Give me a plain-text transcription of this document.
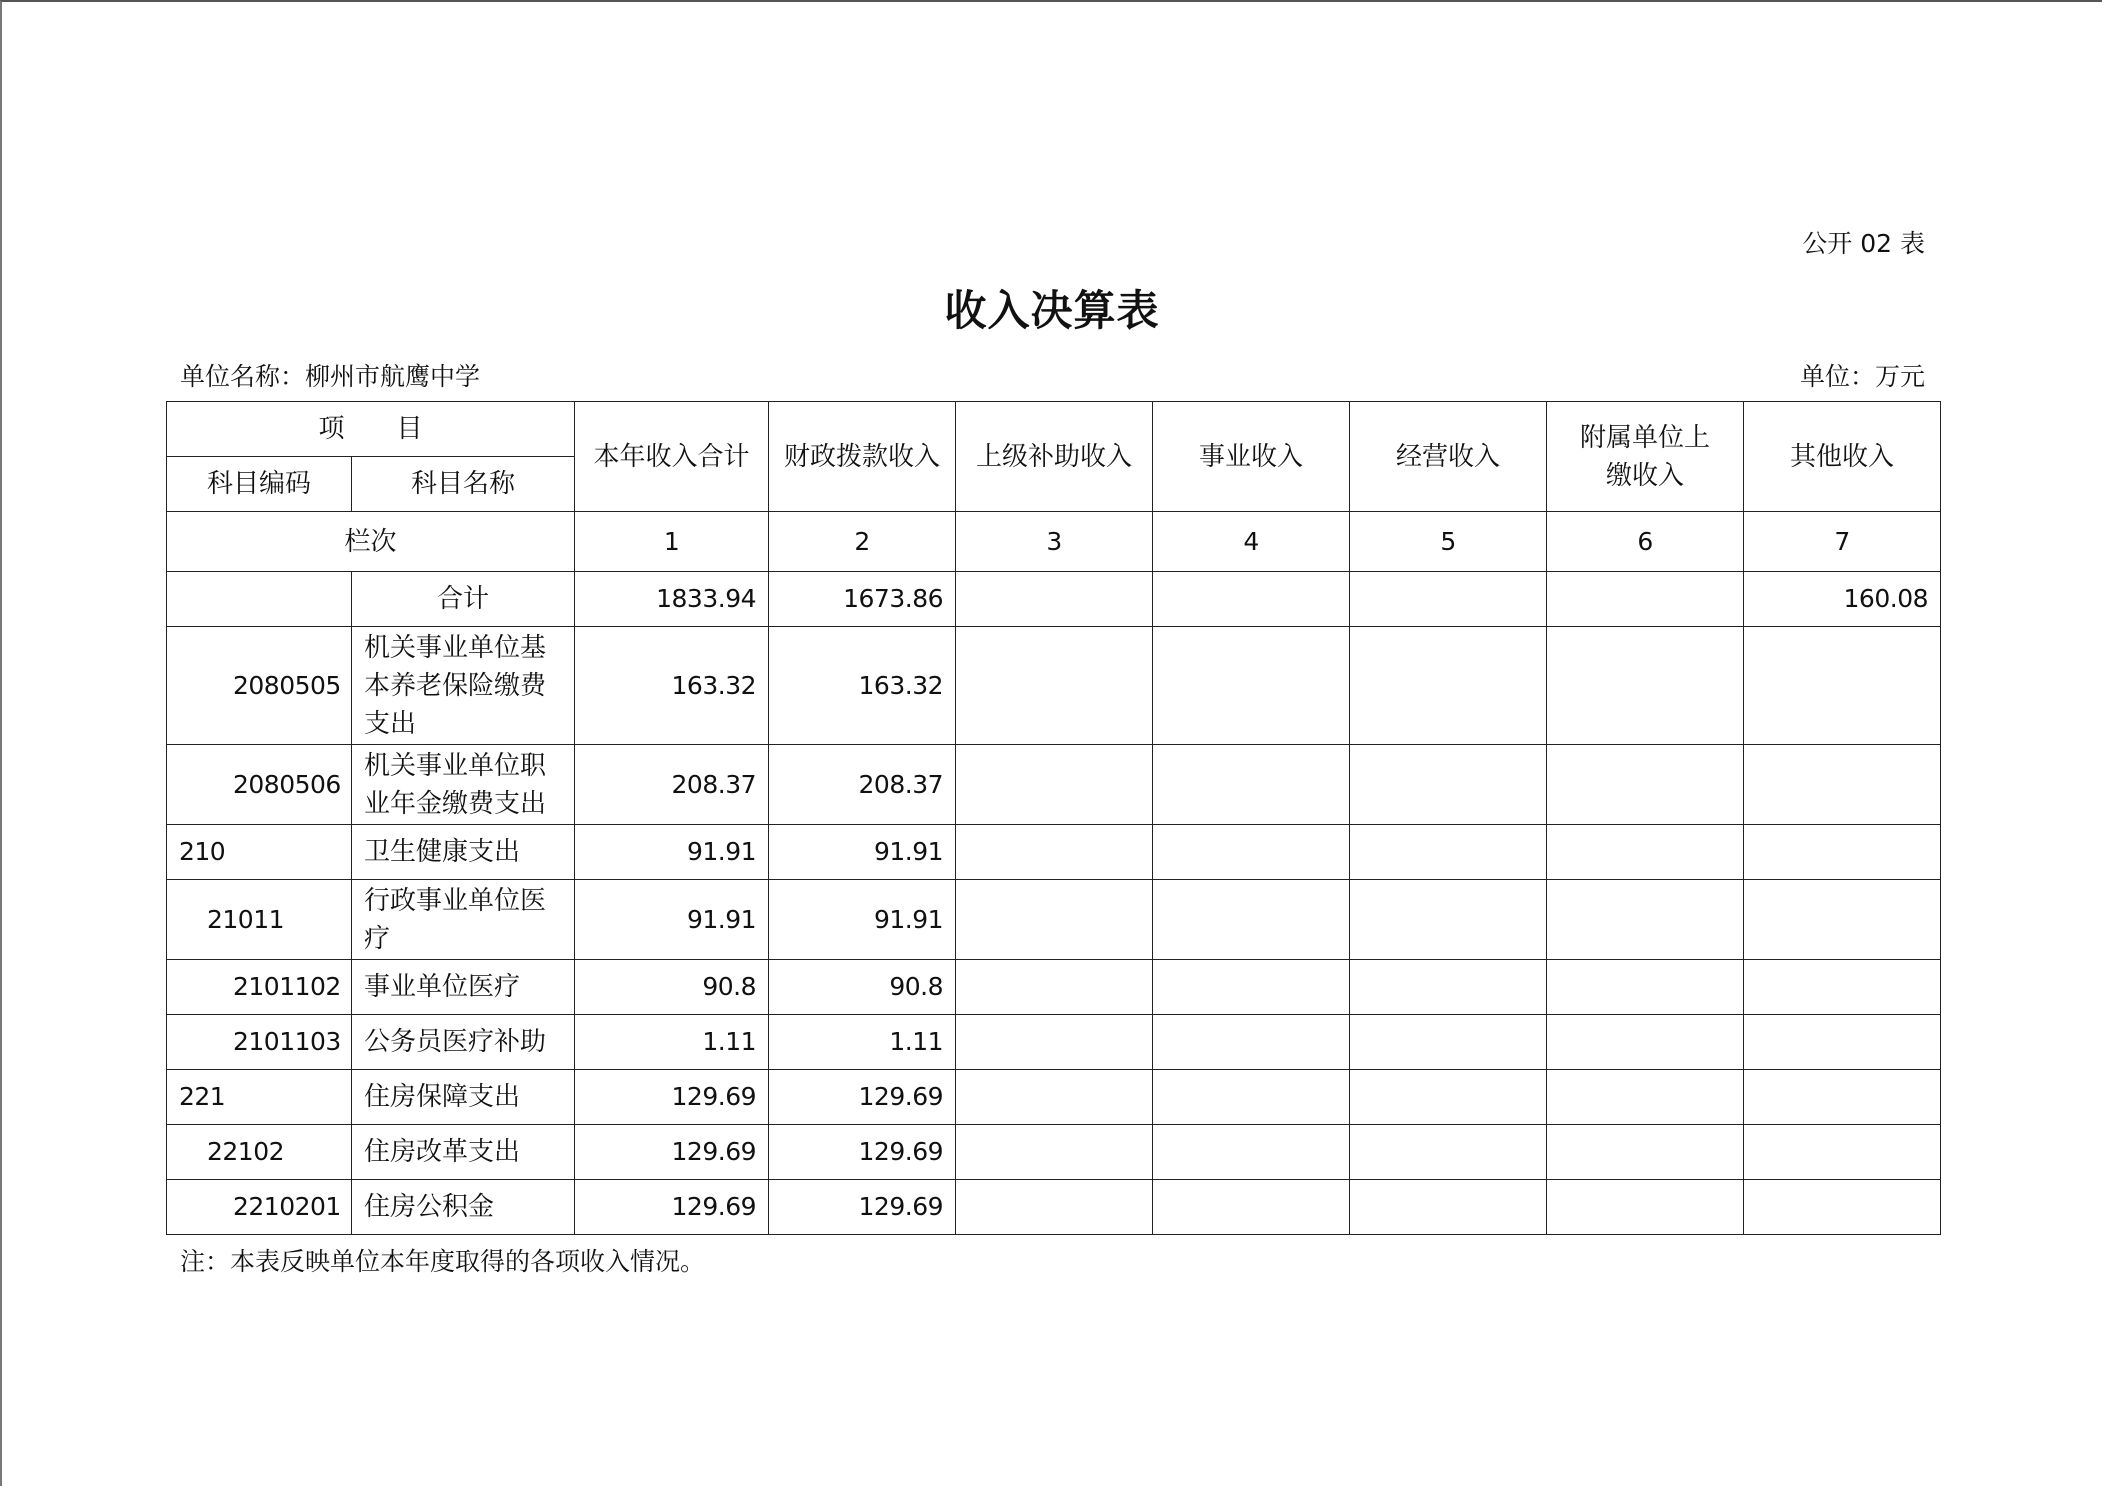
公开 02 表
收入决算表
单位名称：柳州市航鹰中学	单位：万元
项　　目		本年收入合计	财政拨款收入	上级补助收入	事业收入	经营收入	附属单位上缴收入	其他收入
科目编码	科目名称							
栏次		1	2	3	4	5	6	7
	合计	1833.94	1673.86					160.08
2080505	机关事业单位基本养老保险缴费支出	163.32	163.32					
2080506	机关事业单位职业年金缴费支出	208.37	208.37					
210	卫生健康支出	91.91	91.91					
21011	行政事业单位医疗	91.91	91.91					
2101102	事业单位医疗	90.8	90.8					
2101103	公务员医疗补助	1.11	1.11					
221	住房保障支出	129.69	129.69					
22102	住房改革支出	129.69	129.69					
2210201	住房公积金	129.69	129.69					
注：本表反映单位本年度取得的各项收入情况。
